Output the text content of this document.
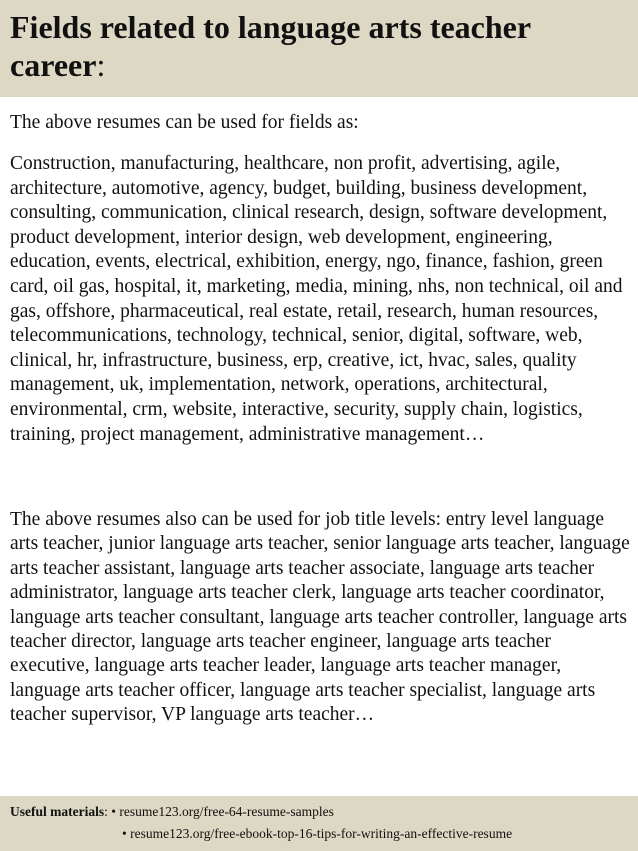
Fields related to language arts teacher career:
The above resumes can be used for fields as:
Construction, manufacturing, healthcare, non profit, advertising, agile, architecture, automotive, agency, budget, building, business development, consulting, communication, clinical research, design, software development, product development, interior design, web development, engineering, education, events, electrical, exhibition, energy, ngo, finance, fashion, green card, oil gas, hospital, it, marketing, media, mining, nhs, non technical, oil and gas, offshore, pharmaceutical, real estate, retail, research, human resources, telecommunications, technology, technical, senior, digital, software, web, clinical, hr, infrastructure, business, erp, creative, ict, hvac, sales, quality management, uk, implementation, network, operations, architectural, environmental, crm, website, interactive, security, supply chain, logistics, training, project management, administrative management…
The above resumes also can be used for job title levels: entry level language arts teacher, junior language arts teacher, senior language arts teacher, language arts teacher assistant, language arts teacher associate, language arts teacher administrator, language arts teacher clerk, language arts teacher coordinator, language arts teacher consultant, language arts teacher controller, language arts teacher director, language arts teacher engineer, language arts teacher executive, language arts teacher leader, language arts teacher manager, language arts teacher officer, language arts teacher specialist, language arts teacher supervisor, VP language arts teacher…
Useful materials: • resume123.org/free-64-resume-samples
• resume123.org/free-ebook-top-16-tips-for-writing-an-effective-resume
